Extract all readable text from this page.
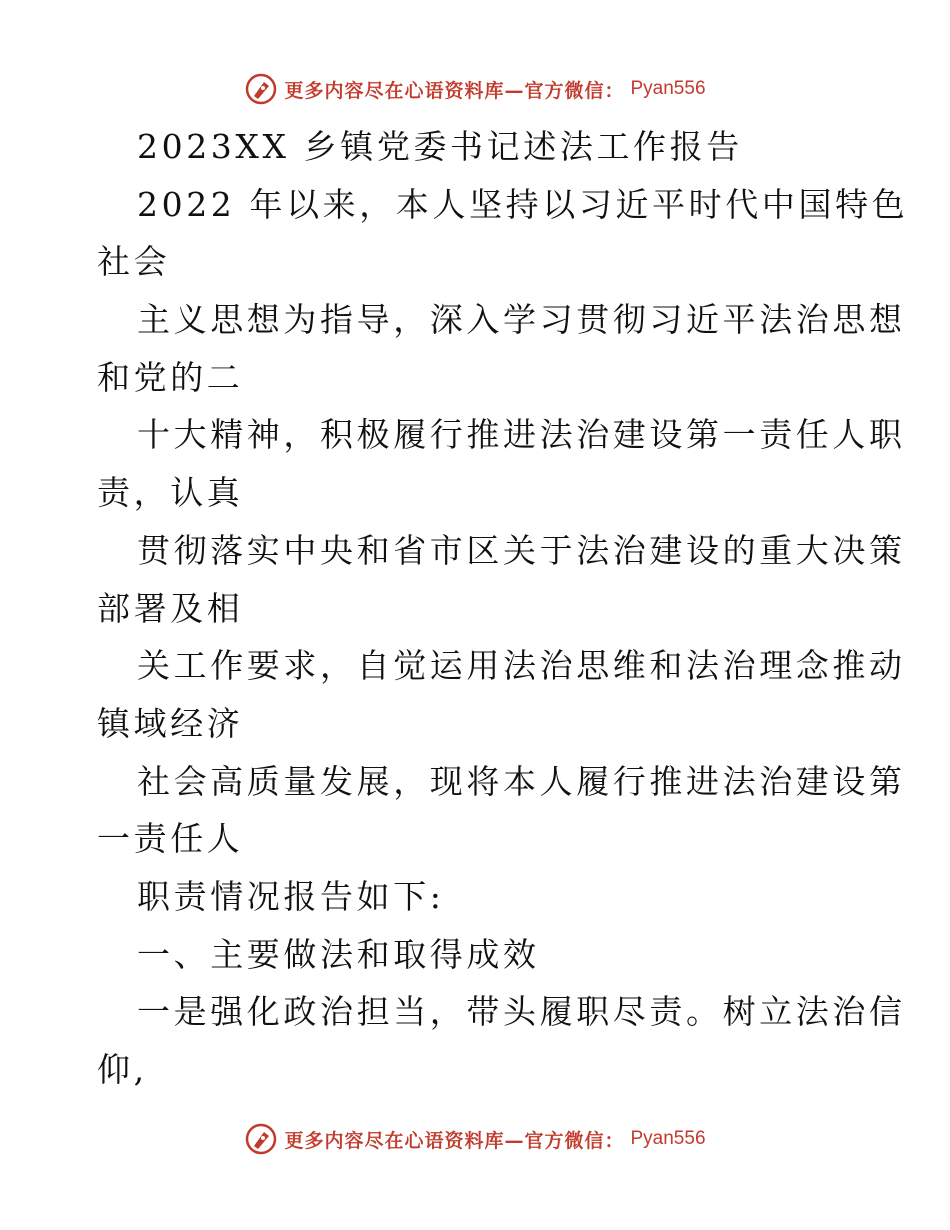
更多内容尽在心语资料库—官方微信： Pyan556
2023XX 乡镇党委书记述法工作报告
2022 年以来，本人坚持以习近平时代中国特色
社会
主义思想为指导，深入学习贯彻习近平法治思想
和党的二
十大精神，积极履行推进法治建设第一责任人职
责，认真
贯彻落实中央和省市区关于法治建设的重大决策
部署及相
关工作要求，自觉运用法治思维和法治理念推动
镇域经济
社会高质量发展，现将本人履行推进法治建设第
一责任人
职责情况报告如下:
一、主要做法和取得成效
一是强化政治担当，带头履职尽责。树立法治信
仰,
更多内容尽在心语资料库—官方微信： Pyan556
